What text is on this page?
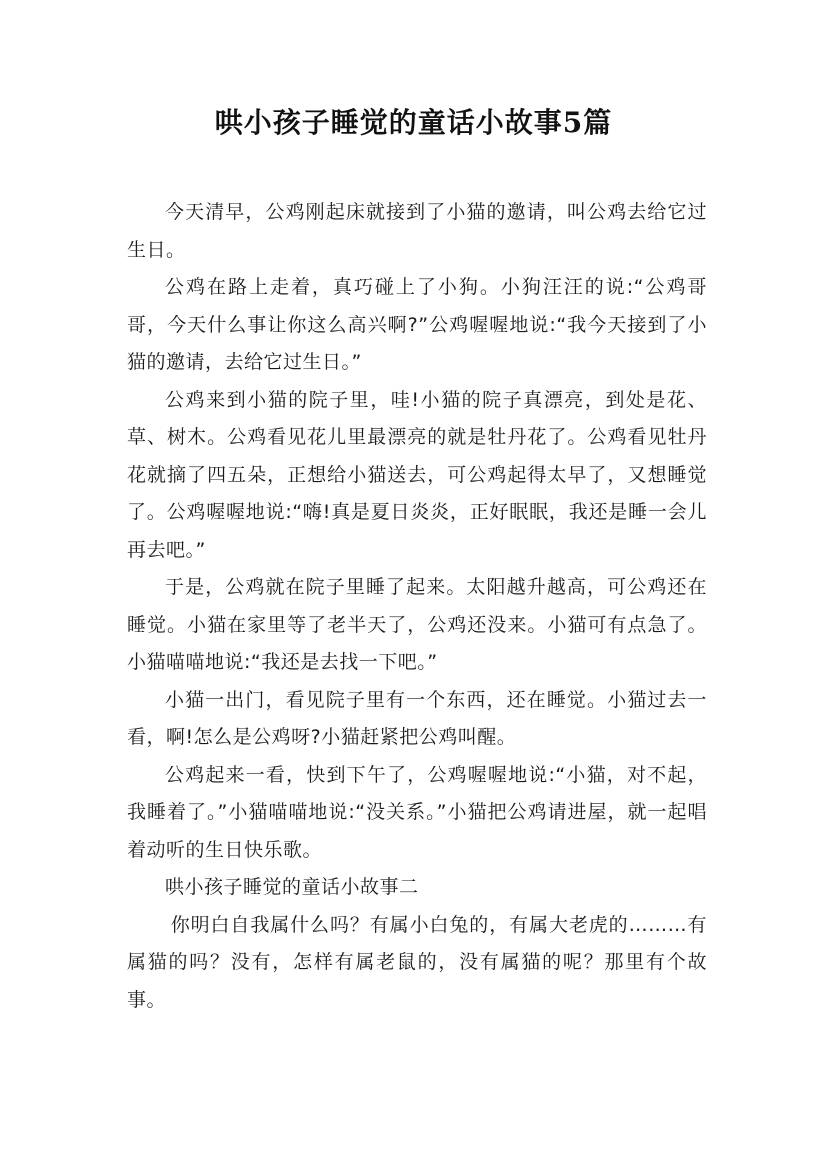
哄小孩子睡觉的童话小故事5篇

今天清早，公鸡刚起床就接到了小猫的邀请，叫公鸡去给它过生日。

公鸡在路上走着，真巧碰上了小狗。小狗汪汪的说:“公鸡哥哥，今天什么事让你这么高兴啊?”公鸡喔喔地说:“我今天接到了小猫的邀请，去给它过生日。”

公鸡来到小猫的院子里，哇!小猫的院子真漂亮，到处是花、草、树木。公鸡看见花儿里最漂亮的就是牡丹花了。公鸡看见牡丹花就摘了四五朵，正想给小猫送去，可公鸡起得太早了，又想睡觉了。公鸡喔喔地说:“嗨!真是夏日炎炎，正好眠眠，我还是睡一会儿再去吧。”

于是，公鸡就在院子里睡了起来。太阳越升越高，可公鸡还在睡觉。小猫在家里等了老半天了，公鸡还没来。小猫可有点急了。小猫喵喵地说:“我还是去找一下吧。”

小猫一出门，看见院子里有一个东西，还在睡觉。小猫过去一看，啊!怎么是公鸡呀?小猫赶紧把公鸡叫醒。

公鸡起来一看，快到下午了，公鸡喔喔地说:“小猫，对不起，我睡着了。”小猫喵喵地说:“没关系。”小猫把公鸡请进屋，就一起唱着动听的生日快乐歌。

哄小孩子睡觉的童话小故事二

你明白自我属什么吗？有属小白兔的，有属大老虎的………有属猫的吗？没有，怎样有属老鼠的，没有属猫的呢？那里有个故事。
